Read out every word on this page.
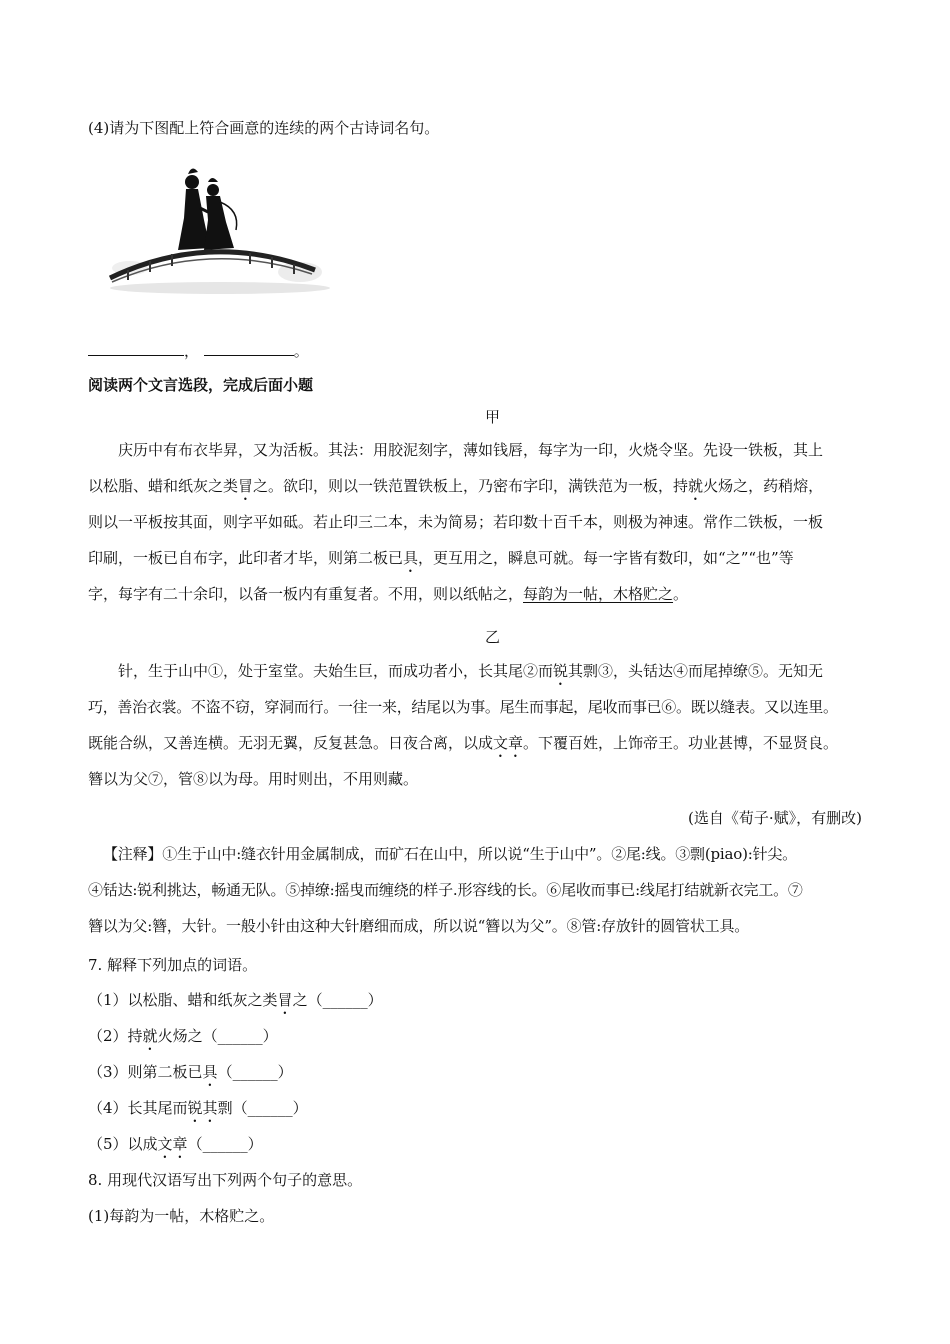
(4)请为下图配上符合画意的连续的两个古诗词名句。
，	。
阅读两个文言选段，完成后面小题
甲
庆历中有布衣毕昇，又为活板。其法：用胶泥刻字，薄如钱唇，每字为一印，火烧令坚。先设一铁板，其上
以松脂、蜡和纸灰之类冒之。欲印，则以一铁范置铁板上，乃密布字印，满铁范为一板，持就火炀之，药稍熔，
则以一平板按其面，则字平如砥。若止印三二本，未为简易；若印数十百千本，则极为神速。常作二铁板，一板
印刷，一板已自布字，此印者才毕，则第二板已具，更互用之，瞬息可就。每一字皆有数印，如“之”“也”等
字，每字有二十余印，以备一板内有重复者。不用，则以纸帖之，每韵为一帖，木格贮之。
乙
针，生于山中①，处于室堂。夫始生巨，而成功者小，长其尾②而锐其剽③，头铦达④而尾掉缭⑤。无知无
巧，善治衣裳。不盗不窃，穿洞而行。一往一来，结尾以为事。尾生而事起，尾收而事已⑥。既以缝表。又以连里。
既能合纵，又善连横。无羽无翼，反复甚急。日夜合离，以成文章。下覆百姓，上饰帝王。功业甚博，不显贤良。
簪以为父⑦，管⑧以为母。用时则出，不用则藏。
(选自《荀子·赋》，有删改)
【注释】①生于山中:缝衣针用金属制成，而矿石在山中，所以说“生于山中”。②尾:线。③剽(piao):针尖。
④铦达:锐利挑达，畅通无队。⑤掉缭:摇曳而缠绕的样子.形容线的长。⑥尾收而事已:线尾打结就新衣完工。⑦
簪以为父:簪，大针。一般小针由这种大针磨细而成，所以说“簪以为父”。⑧管:存放针的圆管状工具。
7. 解释下列加点的词语。
（1）以松脂、蜡和纸灰之类冒之（______）
（2）持就火炀之（______）
（3）则第二板已具（______）
（4）长其尾而锐其剽（______）
（5）以成文章（______）
8. 用现代汉语写出下列两个句子的意思。
(1)每韵为一帖，木格贮之。
